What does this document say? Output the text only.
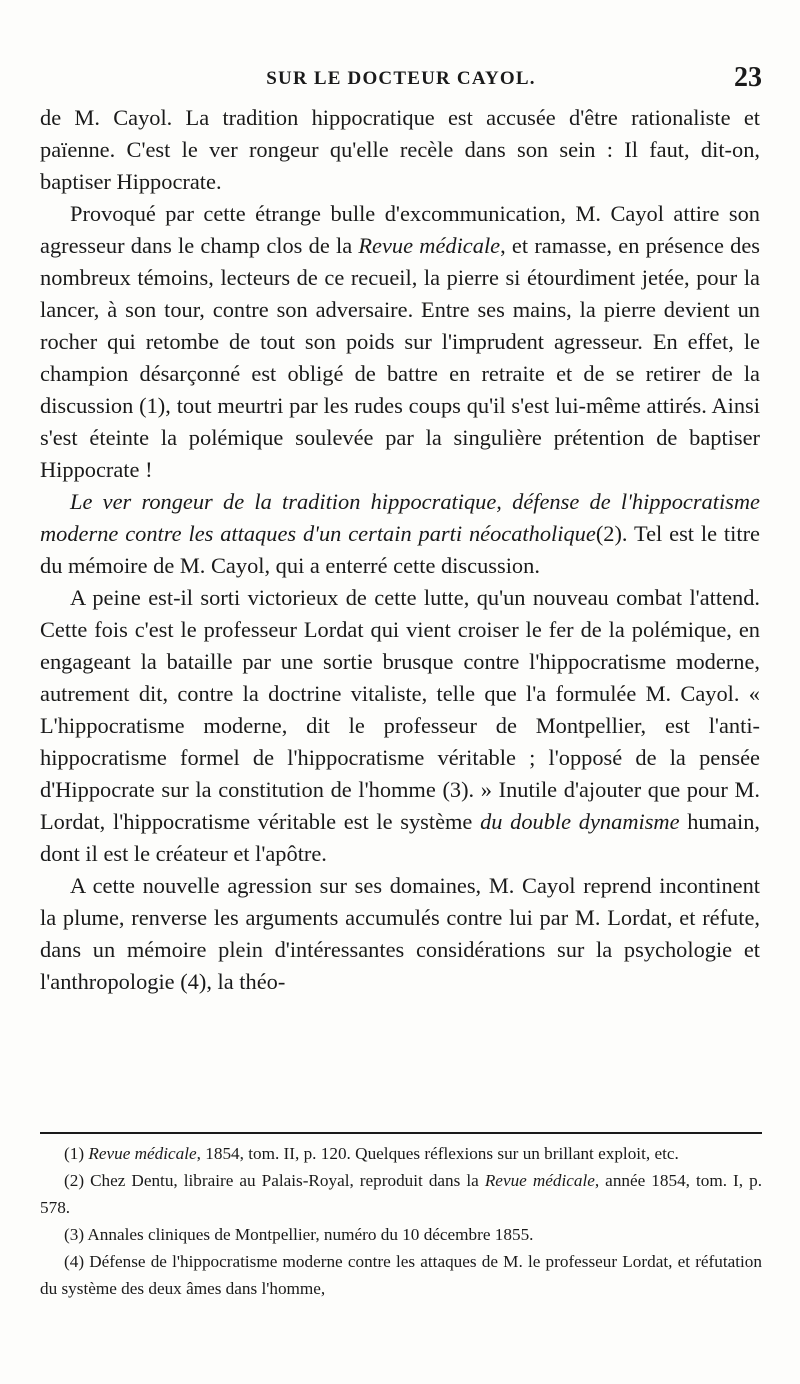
SUR LE DOCTEUR CAYOL.	23

de M. Cayol. La tradition hippocratique est accusée d'être rationaliste et païenne. C'est le ver rongeur qu'elle recèle dans son sein : Il faut, dit-on, baptiser Hippocrate.

Provoqué par cette étrange bulle d'excommunication, M. Cayol attire son agresseur dans le champ clos de la Revue médicale, et ramasse, en présence des nombreux témoins, lecteurs de ce recueil, la pierre si étourdiment jetée, pour la lancer, à son tour, contre son adversaire. Entre ses mains, la pierre devient un rocher qui retombe de tout son poids sur l'imprudent agresseur. En effet, le champion désarçonné est obligé de battre en retraite et de se retirer de la discussion (1), tout meurtri par les rudes coups qu'il s'est lui-même attirés. Ainsi s'est éteinte la polémique soulevée par la singulière prétention de baptiser Hippocrate !

Le ver rongeur de la tradition hippocratique, défense de l'hippocratisme moderne contre les attaques d'un certain parti néocatholique(2). Tel est le titre du mémoire de M. Cayol, qui a enterré cette discussion.

A peine est-il sorti victorieux de cette lutte, qu'un nouveau combat l'attend. Cette fois c'est le professeur Lordat qui vient croiser le fer de la polémique, en engageant la bataille par une sortie brusque contre l'hippocratisme moderne, autrement dit, contre la doctrine vitaliste, telle que l'a formulée M. Cayol. « L'hippocratisme moderne, dit le professeur de Montpellier, est l'anti-hippocratisme formel de l'hippocratisme véritable ; l'opposé de la pensée d'Hippocrate sur la constitution de l'homme (3). » Inutile d'ajouter que pour M. Lordat, l'hippocratisme véritable est le système du double dynamisme humain, dont il est le créateur et l'apôtre.

A cette nouvelle agression sur ses domaines, M. Cayol reprend incontinent la plume, renverse les arguments accumulés contre lui par M. Lordat, et réfute, dans un mémoire plein d'intéressantes considérations sur la psychologie et l'anthropologie (4), la théo-

(1) Revue médicale, 1854, tom. II, p. 120. Quelques réflexions sur un brillant exploit, etc.

(2) Chez Dentu, libraire au Palais-Royal, reproduit dans la Revue médicale, année 1854, tom. I, p. 578.

(3) Annales cliniques de Montpellier, numéro du 10 décembre 1855.

(4) Défense de l'hippocratisme moderne contre les attaques de M. le professeur Lordat, et réfutation du système des deux âmes dans l'homme,
